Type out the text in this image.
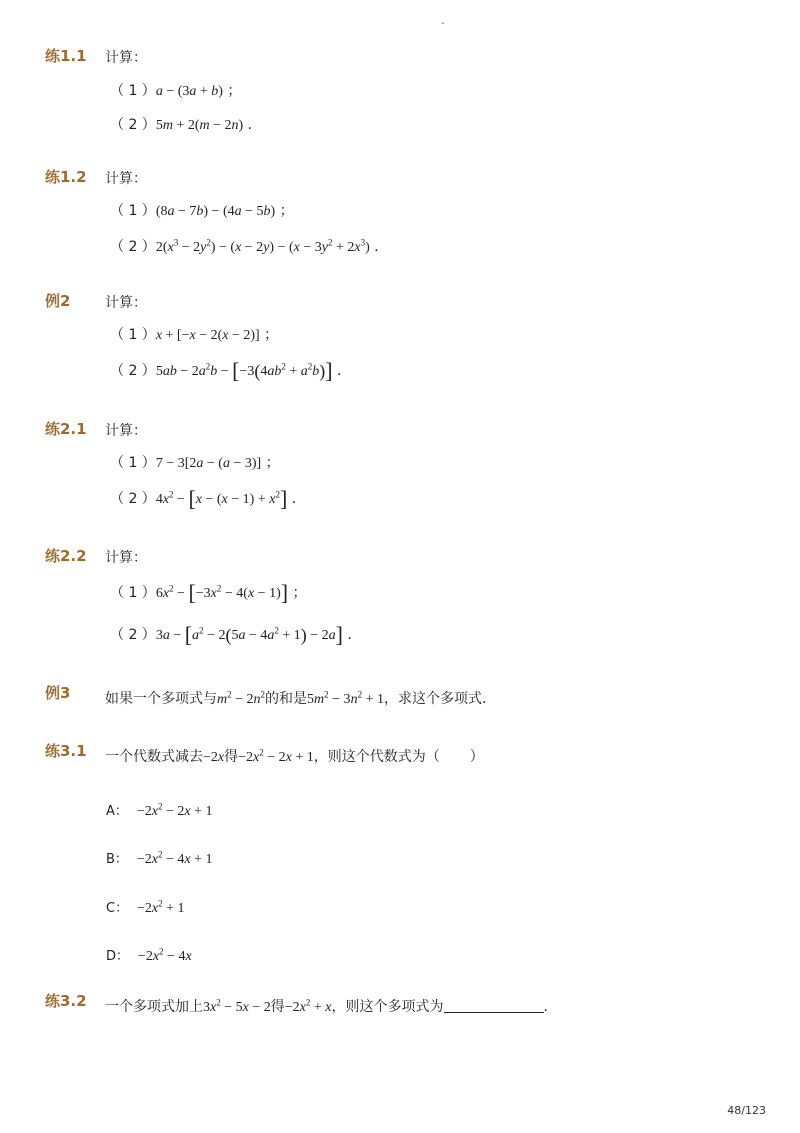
-
练1.1 计算：
（ 1 ）a − (3a + b) ；
（ 2 ）5m + 2(m − 2n) ．
练1.2 计算：
（ 1 ）(8a − 7b) − (4a − 5b) ；
（ 2 ）$2(x^3 - 2y^2) - (x - 2y) - (x - 3y^2 + 2x^3)$ ．
例2 计算：
（ 1 ）x + [−x − 2(x − 2)] ；
（ 2 ）$5ab - 2a^2b - [-3(4ab^2 + a^2b)]$ ．
练2.1 计算：
（ 1 ）7 − 3[2a − (a − 3)] ；
（ 2 ）$4x^2 - [x - (x - 1) + x^2]$ ．
练2.2 计算：
（ 1 ）$6x^2 - [-3x^2 - 4(x - 1)]$ ；
（ 2 ）$3a - [a^2 - 2(5a - 4a^2 + 1) - 2a]$ ．
例3 如果一个多项式与$m^2 - 2n^2$的和是$5m^2 - 3n^2 + 1$，求这个多项式．
练3.1 一个代数式减去−2x得$-2x^2 - 2x + 1$，则这个代数式为（ ）
A： $-2x^2 - 2x + 1$
B： $-2x^2 - 4x + 1$
C： $-2x^2 + 1$
D： $-2x^2 - 4x$
练3.2 一个多项式加上$3x^2 - 5x - 2$得$-2x^2 + x$，则这个多项式为	．
48/123
